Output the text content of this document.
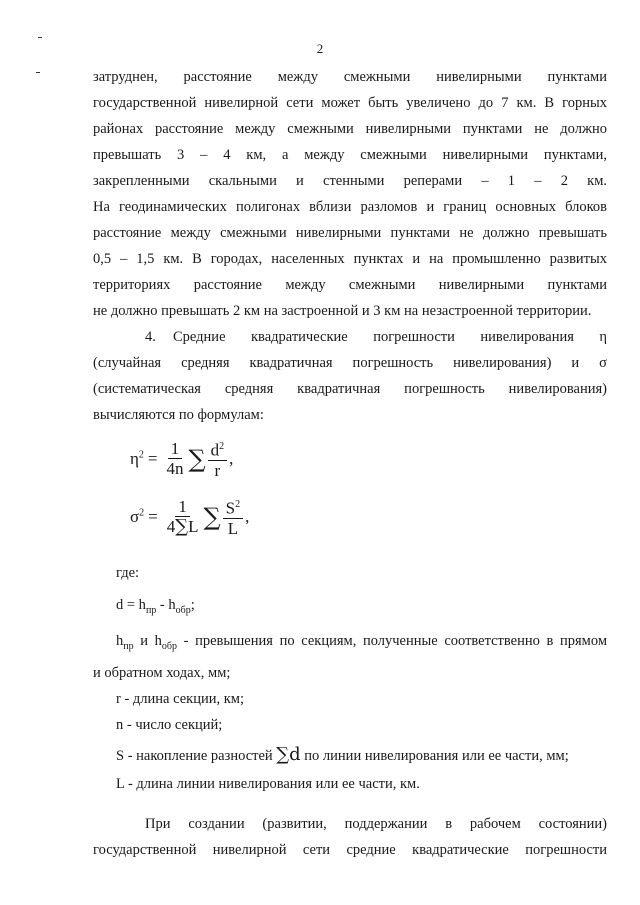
2

затруднен, расстояние между смежными нивелирными пунктами

государственной нивелирной сети может быть увеличено до 7 км. В горных

районах расстояние между смежными нивелирными пунктами не должно

превышать 3 – 4 км, а между смежными нивелирными пунктами,

закрепленными скальными и стенными реперами – 1 – 2 км.

На геодинамических полигонах вблизи разломов и границ основных блоков

расстояние между смежными нивелирными пунктами не должно превышать

0,5 – 1,5 км. В городах, населенных пунктах и на промышленно развитых

территориях расстояние между смежными нивелирными пунктами

не должно превышать 2 км на застроенной и 3 км на незастроенной территории.

4. Средние квадратические погрешности нивелирования η

(случайная средняя квадратичная погрешность нивелирования) и σ

(систематическая средняя квадратичная погрешность нивелирования)

вычисляются по формулам:

$\eta^2 = \frac{1}{4n}$ ∑ $\frac{d^2}{r}$ ,
$\sigma^2 = \frac{1}{4\sum L}$ ∑ $\frac{S^2}{L}$ ,

где:

$d = h_{пр} - h_{обр}$;

$h_{пр}$ и $h_{обр}$ - превышения по секциям, полученные соответственно в прямом

и обратном ходах, мм;

r - длина секции, км;

n - число секций;

S - накопление разностей ∑d по линии нивелирования или ее части, мм;

L - длина линии нивелирования или ее части, км.

При создании (развитии, поддержании в рабочем состоянии)

государственной нивелирной сети средние квадратические погрешности
